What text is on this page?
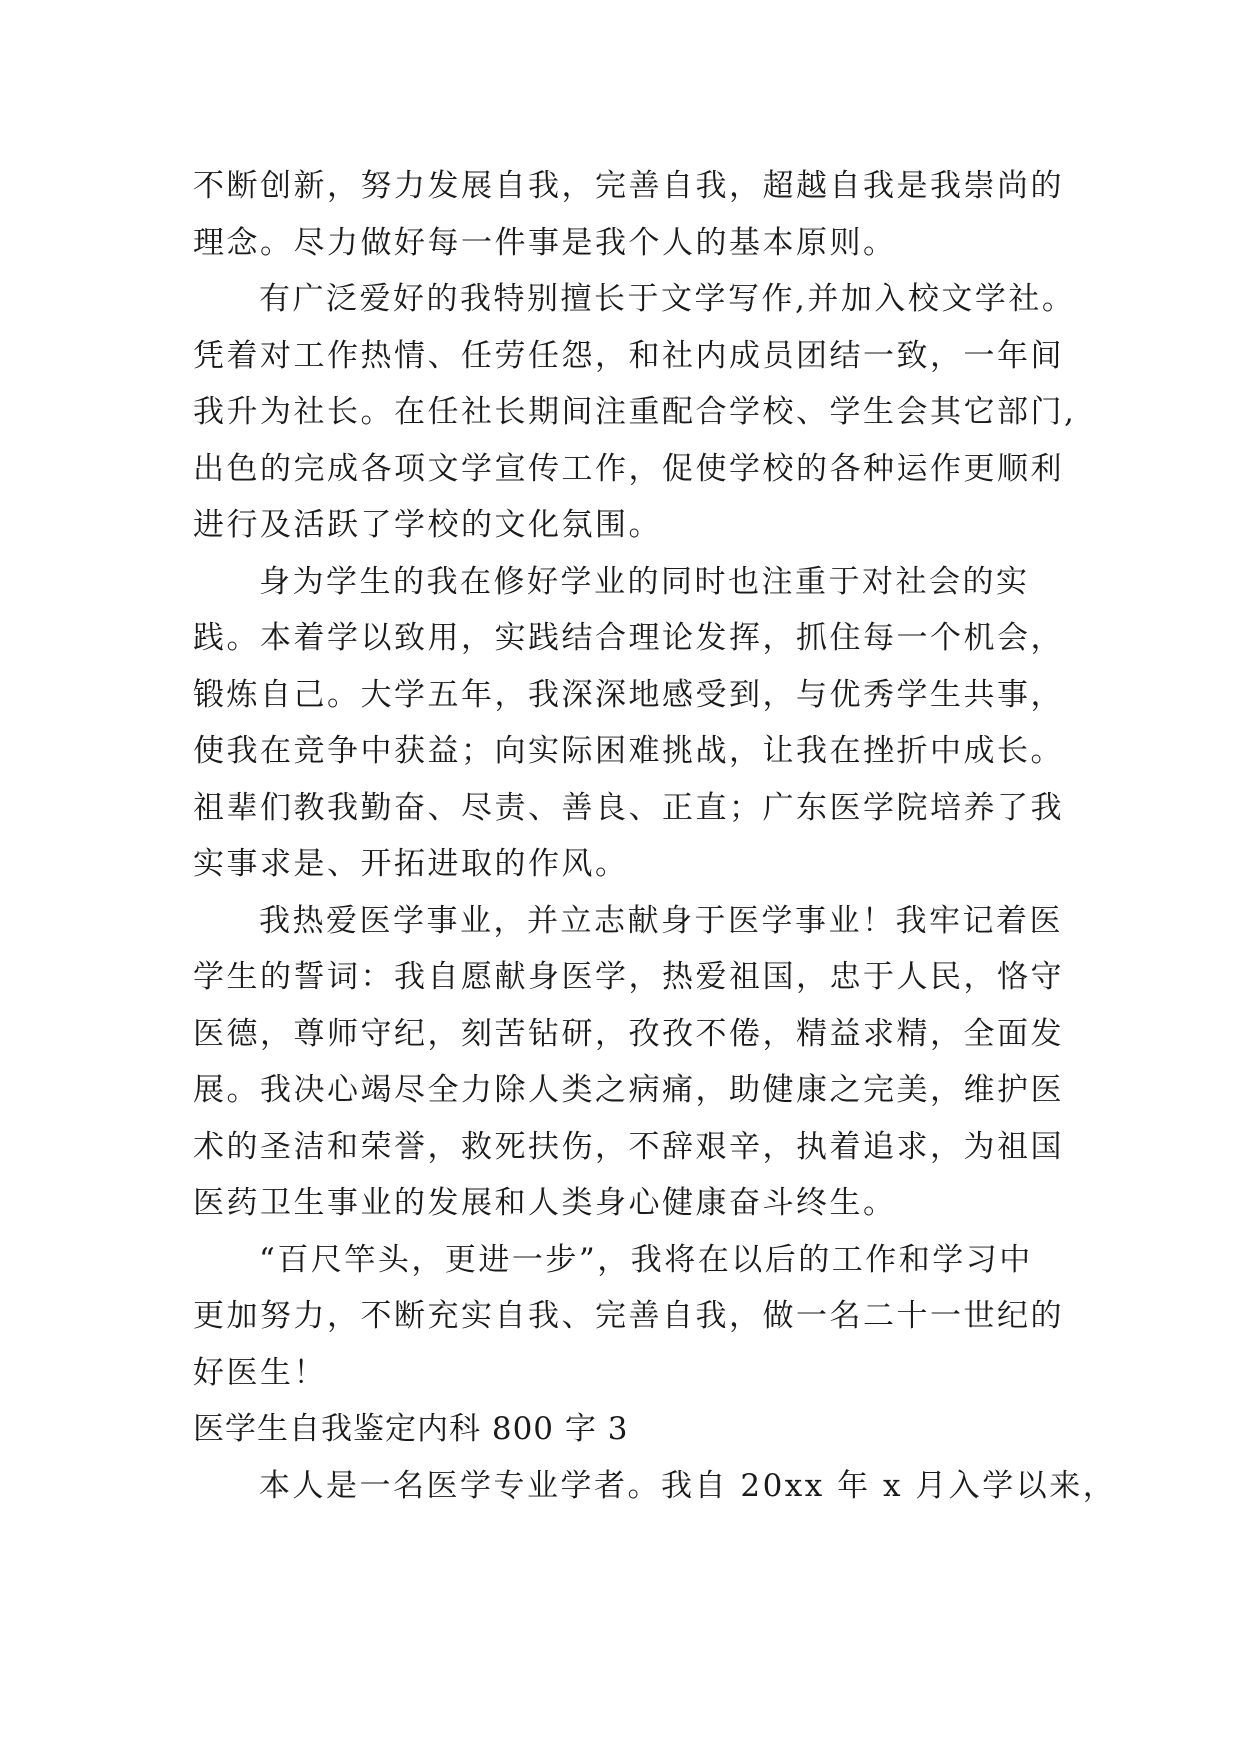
不断创新，努力发展自我，完善自我，超越自我是我崇尚的

理念。尽力做好每一件事是我个人的基本原则。

有广泛爱好的我特别擅长于文学写作,并加入校文学社。

凭着对工作热情、任劳任怨，和社内成员团结一致，一年间

我升为社长。在任社长期间注重配合学校、学生会其它部门,

出色的完成各项文学宣传工作，促使学校的各种运作更顺利

进行及活跃了学校的文化氛围。

身为学生的我在修好学业的同时也注重于对社会的实

践。本着学以致用，实践结合理论发挥，抓住每一个机会，

锻炼自己。大学五年，我深深地感受到，与优秀学生共事，

使我在竞争中获益；向实际困难挑战，让我在挫折中成长。

祖辈们教我勤奋、尽责、善良、正直；广东医学院培养了我

实事求是、开拓进取的作风。

我热爱医学事业，并立志献身于医学事业！我牢记着医

学生的誓词：我自愿献身医学，热爱祖国，忠于人民，恪守

医德，尊师守纪，刻苦钻研，孜孜不倦，精益求精，全面发

展。我决心竭尽全力除人类之病痛，助健康之完美，维护医

术的圣洁和荣誉，救死扶伤，不辞艰辛，执着追求，为祖国

医药卫生事业的发展和人类身心健康奋斗终生。

“百尺竿头，更进一步”，我将在以后的工作和学习中

更加努力，不断充实自我、完善自我，做一名二十一世纪的

好医生！

医学生自我鉴定内科 800 字 3

本人是一名医学专业学者。我自 20xx 年 x 月入学以来，
